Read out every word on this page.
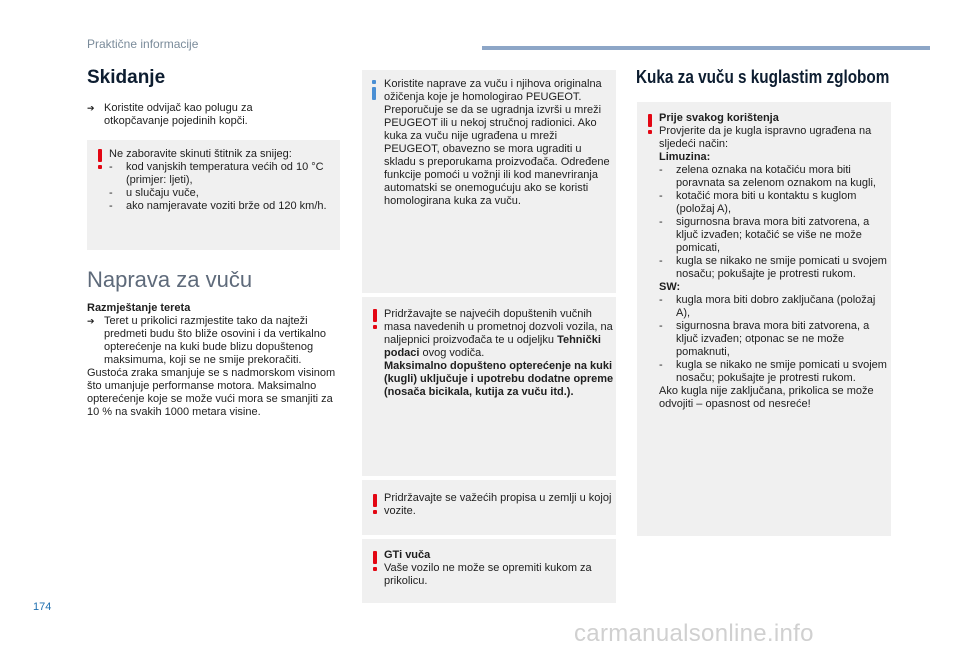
Praktične informacije
Skidanje
➔ Koristite odvijač kao polugu za otkopčavanje pojedinih kopči.

Ne zaboravite skinuti štitnik za snijeg:

- kod vanjskih temperatura većih od 10 °C (primjer: ljeti),
- u slučaju vuče,
- ako namjeravate voziti brže od 120 km/h.
Naprava za vuču

Razmještanje tereta

➔ Teret u prikolici razmjestite tako da najteži predmeti budu što bliže osovini i da vertikalno opterećenje na kuki bude blizu dopuštenog maksimuma, koji se ne smije prekoračiti.

Gustoća zraka smanjuje se s nadmorskom visinom što umanjuje performanse motora. Maksimalno opterećenje koje se može vući mora se smanjiti za 10 % na svakih 1000 metara visine.

Koristite naprave za vuču i njihova originalna ožičenja koje je homologirao PEUGEOT. Preporučuje se da se ugradnja izvrši u mreži PEUGEOT ili u nekoj stručnoj radionici. Ako kuka za vuču nije ugrađena u mreži PEUGEOT, obavezno se mora ugraditi u skladu s preporukama proizvođača. Određene funkcije pomoći u vožnji ili kod manevriranja automatski se onemogućuju ako se koristi homologirana kuka za vuču.

Pridržavajte se najvećih dopuštenih vučnih masa navedenih u prometnoj dozvoli vozila, na naljepnici proizvođača te u odjeljku Tehnički podaci ovog vodiča.

Maksimalno dopušteno opterećenje na kuki (kugli) uključuje i upotrebu dodatne opreme (nosača bicikala, kutija za vuču itd.).

Pridržavajte se važećih propisa u zemlji u kojoj vozite.

GTi vuča

Vaše vozilo ne može se opremiti kukom za prikolicu.

Kuka za vuču s kuglastim zglobom

Prije svakog korištenja

Provjerite da je kugla ispravno ugrađena na sljedeći način:

Limuzina:

- zelena oznaka na kotačiću mora biti poravnata sa zelenom oznakom na kugli,
- kotačić mora biti u kontaktu s kuglom (položaj A),
- sigurnosna brava mora biti zatvorena, a ključ izvađen; kotačić se više ne može pomicati,
- kugla se nikako ne smije pomicati u svojem nosaču; pokušajte je protresti rukom.

SW:

- kugla mora biti dobro zaključana (položaj A),
- sigurnosna brava mora biti zatvorena, a ključ izvađen; otponac se ne može pomaknuti,
- kugla se nikako ne smije pomicati u svojem nosaču; pokušajte je protresti rukom.

Ako kugla nije zaključana, prikolica se može odvojiti – opasnost od nesreće!

174
carmanualsonline.info
